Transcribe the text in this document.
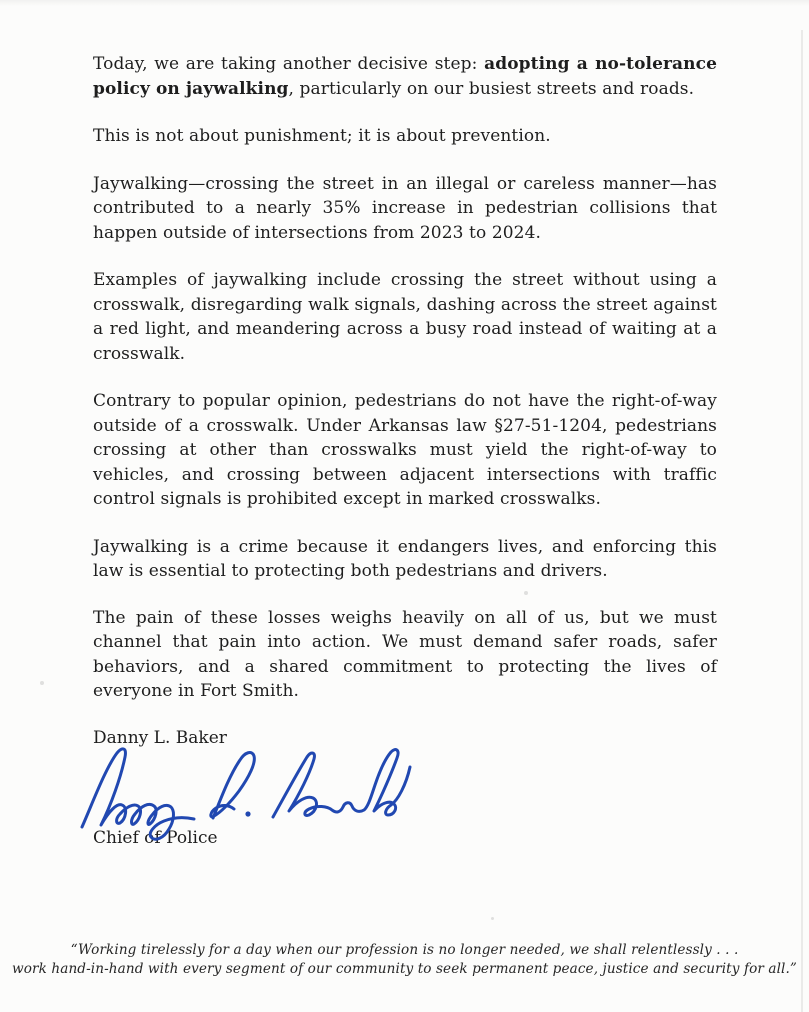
Today, we are taking another decisive step: adopting a no-tolerance policy on jaywalking, particularly on our busiest streets and roads.

This is not about punishment; it is about prevention.

Jaywalking—crossing the street in an illegal or careless manner—has contributed to a nearly 35% increase in pedestrian collisions that happen outside of intersections from 2023 to 2024.

Examples of jaywalking include crossing the street without using a crosswalk, disregarding walk signals, dashing across the street against a red light, and meandering across a busy road instead of waiting at a crosswalk.

Contrary to popular opinion, pedestrians do not have the right-of-way outside of a crosswalk. Under Arkansas law §27-51-1204, pedestrians crossing at other than crosswalks must yield the right-of-way to vehicles, and crossing between adjacent intersections with traffic control signals is prohibited except in marked crosswalks.

Jaywalking is a crime because it endangers lives, and enforcing this law is essential to protecting both pedestrians and drivers.

The pain of these losses weighs heavily on all of us, but we must channel that pain into action. We must demand safer roads, safer behaviors, and a shared commitment to protecting the lives of everyone in Fort Smith.

Danny L. Baker

Chief of Police

“Working tirelessly for a day when our profession is no longer needed, we shall relentlessly . . .
work hand-in-hand with every segment of our community to seek permanent peace, justice and security for all.”
